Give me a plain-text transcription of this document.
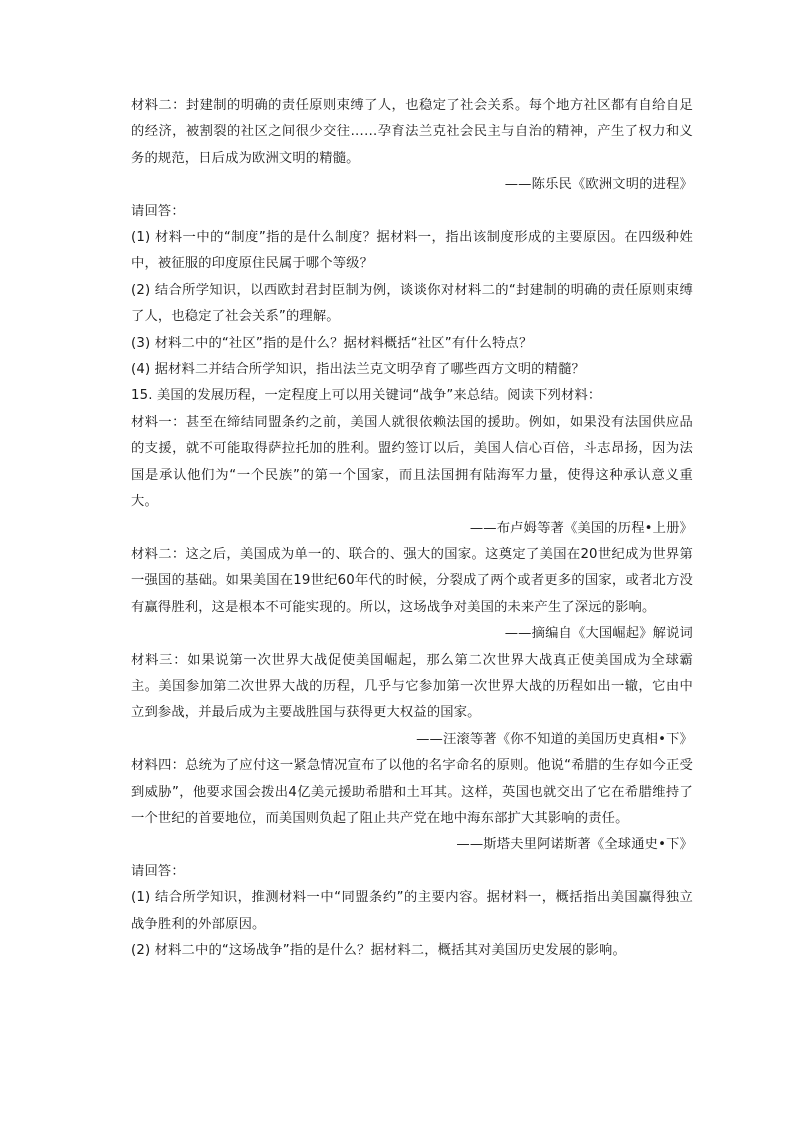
材料二：封建制的明确的责任原则束缚了人，也稳定了社会关系。每个地方社区都有自给自足的经济，被割裂的社区之间很少交往……孕育法兰克社会民主与自治的精神，产生了权力和义务的规范，日后成为欧洲文明的精髓。

——陈乐民《欧洲文明的进程》

请回答：

(1) 材料一中的“制度”指的是什么制度？据材料一，指出该制度形成的主要原因。在四级种姓中，被征服的印度原住民属于哪个等级？

(2) 结合所学知识，以西欧封君封臣制为例，谈谈你对材料二的“封建制的明确的责任原则束缚了人，也稳定了社会关系”的理解。

(3) 材料二中的“社区”指的是什么？据材料概括“社区”有什么特点？

(4) 据材料二并结合所学知识，指出法兰克文明孕育了哪些西方文明的精髓？

15. 美国的发展历程，一定程度上可以用关键词“战争”来总结。阅读下列材料：

材料一：甚至在缔结同盟条约之前，美国人就很依赖法国的援助。例如，如果没有法国供应品的支援，就不可能取得萨拉托加的胜利。盟约签订以后，美国人信心百倍，斗志昂扬，因为法国是承认他们为“一个民族”的第一个国家，而且法国拥有陆海军力量，使得这种承认意义重大。

——布卢姆等著《美国的历程•上册》

材料二：这之后，美国成为单一的、联合的、强大的国家。这奠定了美国在20世纪成为世界第一强国的基础。如果美国在19世纪60年代的时候，分裂成了两个或者更多的国家，或者北方没有赢得胜利，这是根本不可能实现的。所以，这场战争对美国的未来产生了深远的影响。

——摘编自《大国崛起》解说词

材料三：如果说第一次世界大战促使美国崛起，那么第二次世界大战真正使美国成为全球霸主。美国参加第二次世界大战的历程，几乎与它参加第一次世界大战的历程如出一辙，它由中立到参战，并最后成为主要战胜国与获得更大权益的国家。

——汪滚等著《你不知道的美国历史真相•下》

材料四：总统为了应付这一紧急情况宣布了以他的名字命名的原则。他说“希腊的生存如今正受到威胁”，他要求国会拨出4亿美元援助希腊和土耳其。这样，英国也就交出了它在希腊维持了一个世纪的首要地位，而美国则负起了阻止共产党在地中海东部扩大其影响的责任。

——斯塔夫里阿诺斯著《全球通史•下》

请回答：

(1) 结合所学知识，推测材料一中“同盟条约”的主要内容。据材料一，概括指出美国赢得独立战争胜利的外部原因。

(2) 材料二中的“这场战争”指的是什么？据材料二，概括其对美国历史发展的影响。
